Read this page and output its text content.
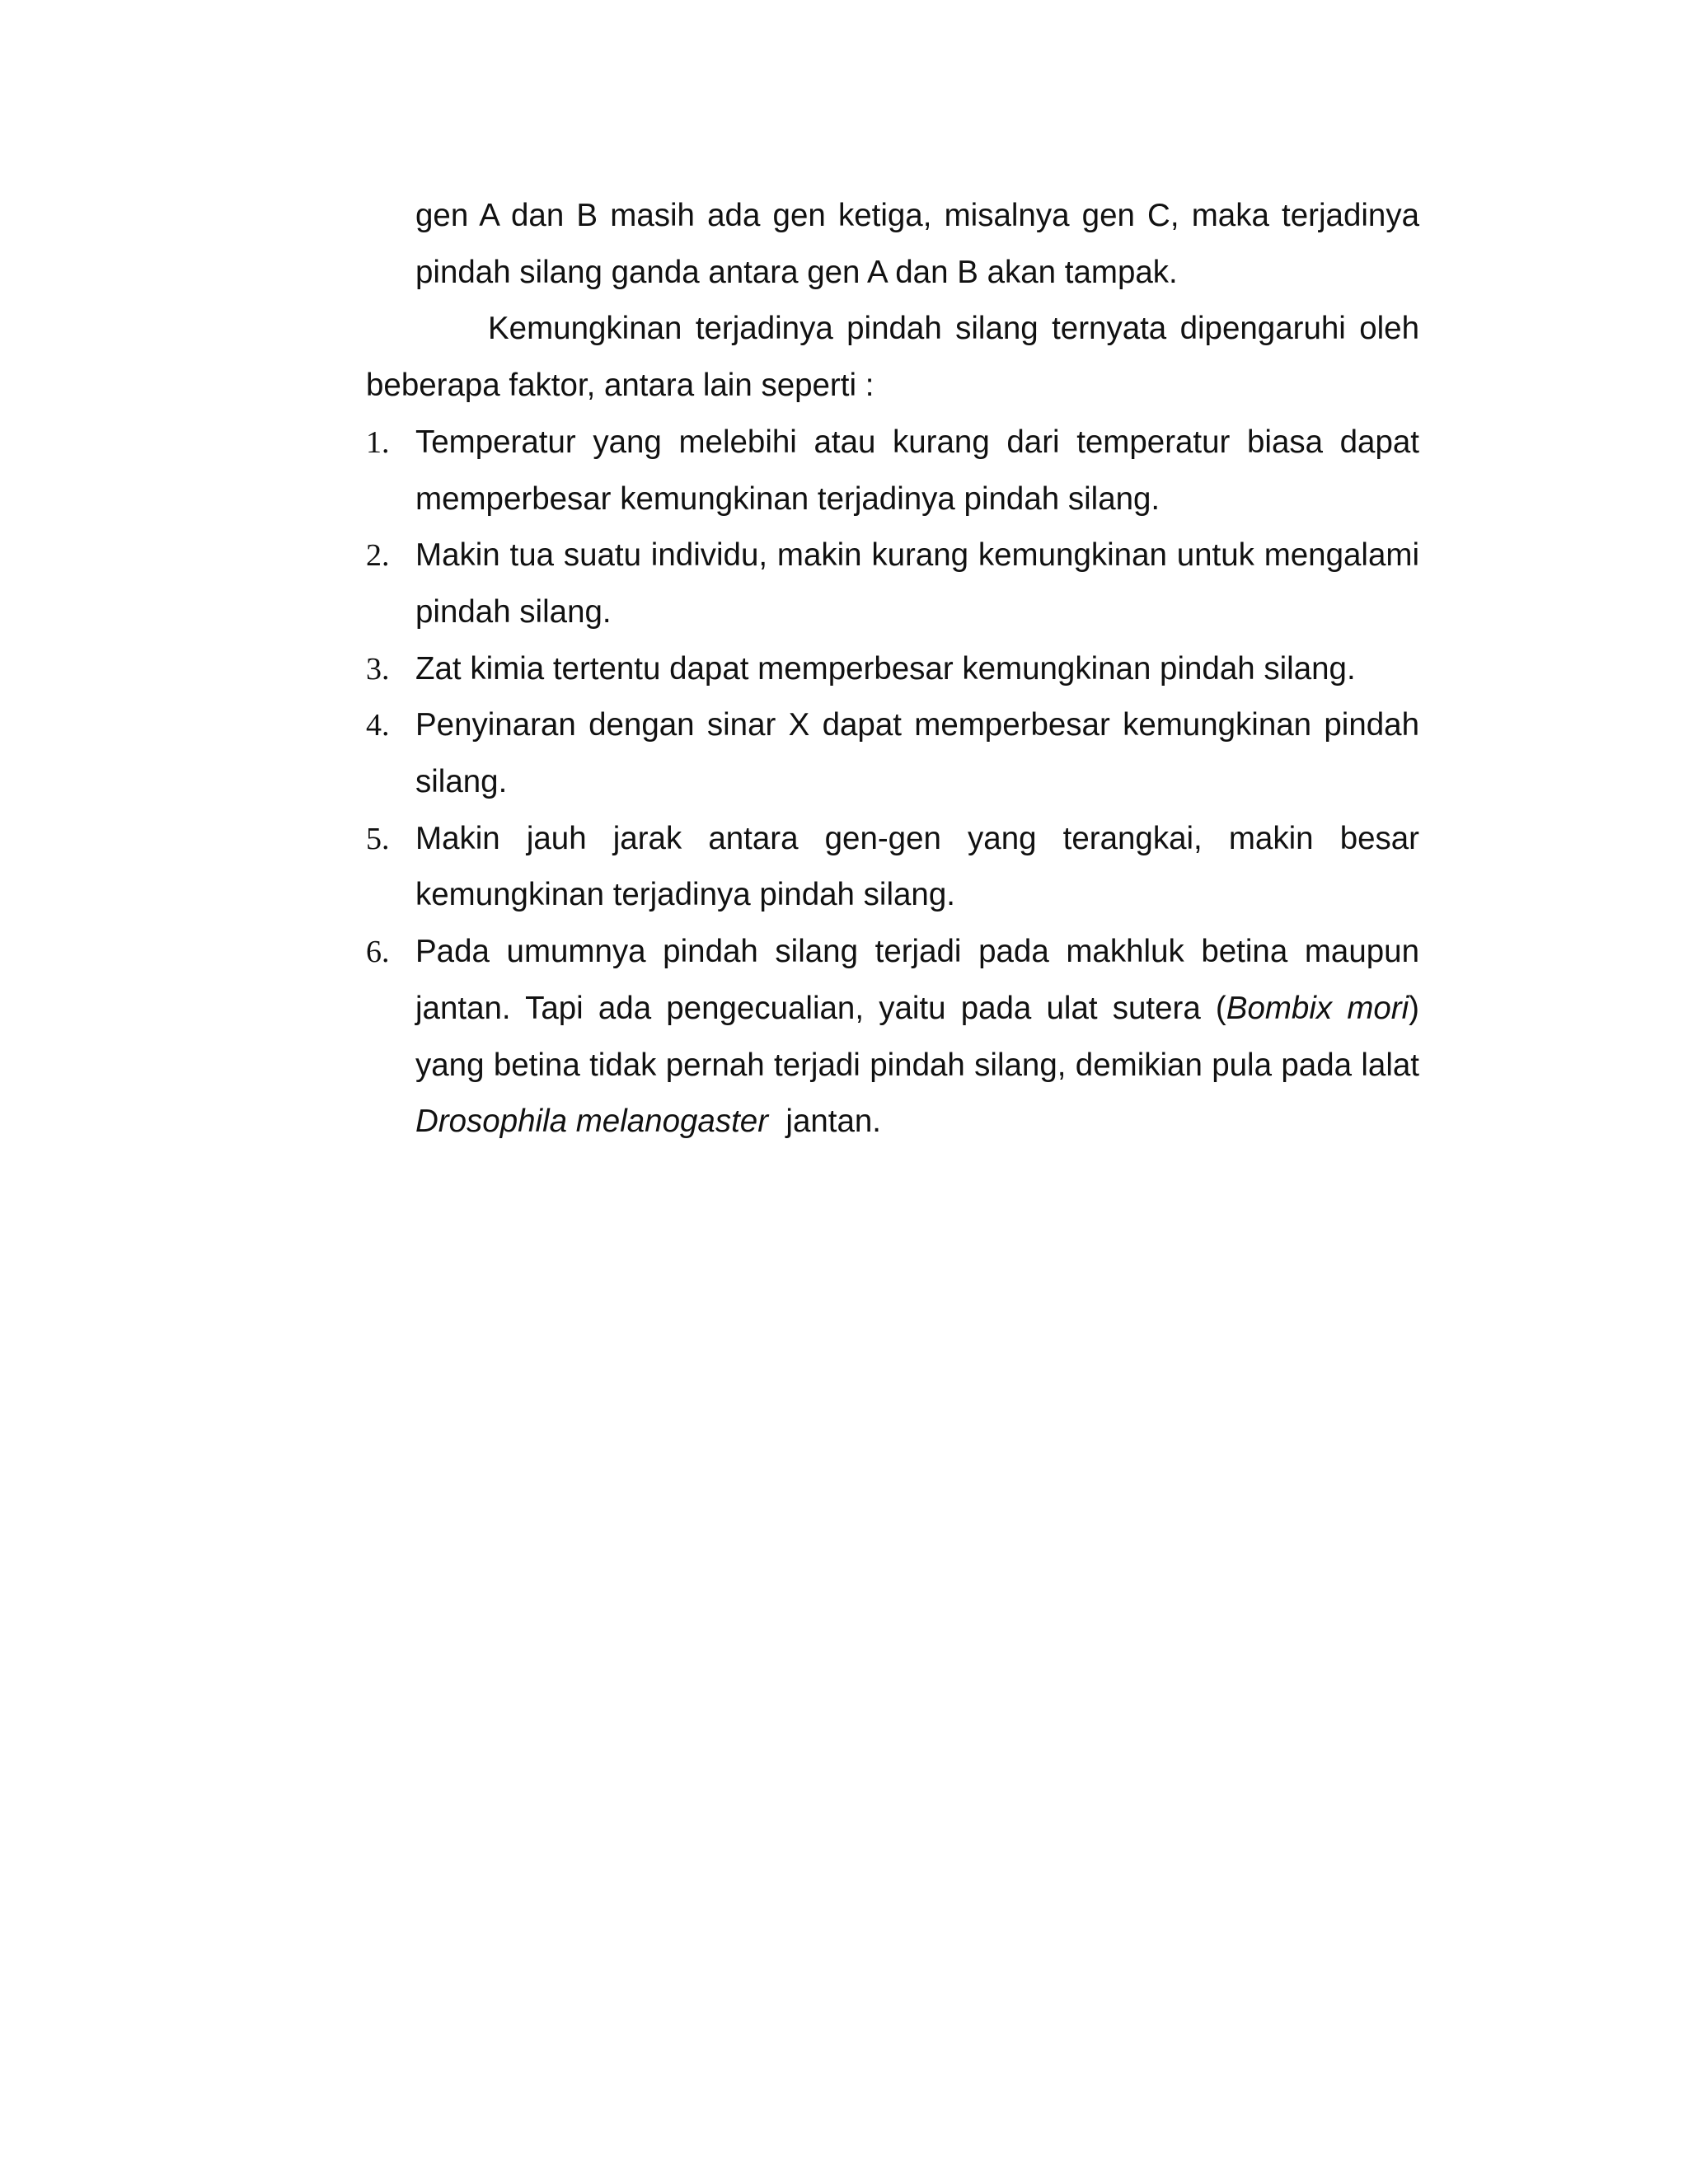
gen A dan B masih ada gen ketiga, misalnya gen C, maka terjadinya pindah silang ganda antara gen A dan B akan tampak.

Kemungkinan terjadinya pindah silang ternyata dipengaruhi oleh beberapa faktor, antara lain seperti :

1. Temperatur yang melebihi atau kurang dari temperatur biasa dapat memperbesar kemungkinan terjadinya pindah silang.
2. Makin tua suatu individu, makin kurang kemungkinan untuk mengalami pindah silang.
3. Zat kimia tertentu dapat memperbesar kemungkinan pindah silang.
4. Penyinaran dengan sinar X dapat memperbesar kemungkinan pindah silang.
5. Makin jauh jarak antara gen-gen yang terangkai, makin besar kemungkinan terjadinya pindah silang.
6. Pada umumnya pindah silang terjadi pada makhluk betina maupun jantan. Tapi ada pengecualian, yaitu pada ulat sutera (Bombix mori) yang betina tidak pernah terjadi pindah silang, demikian pula pada lalat Drosophila melanogaster  jantan.
